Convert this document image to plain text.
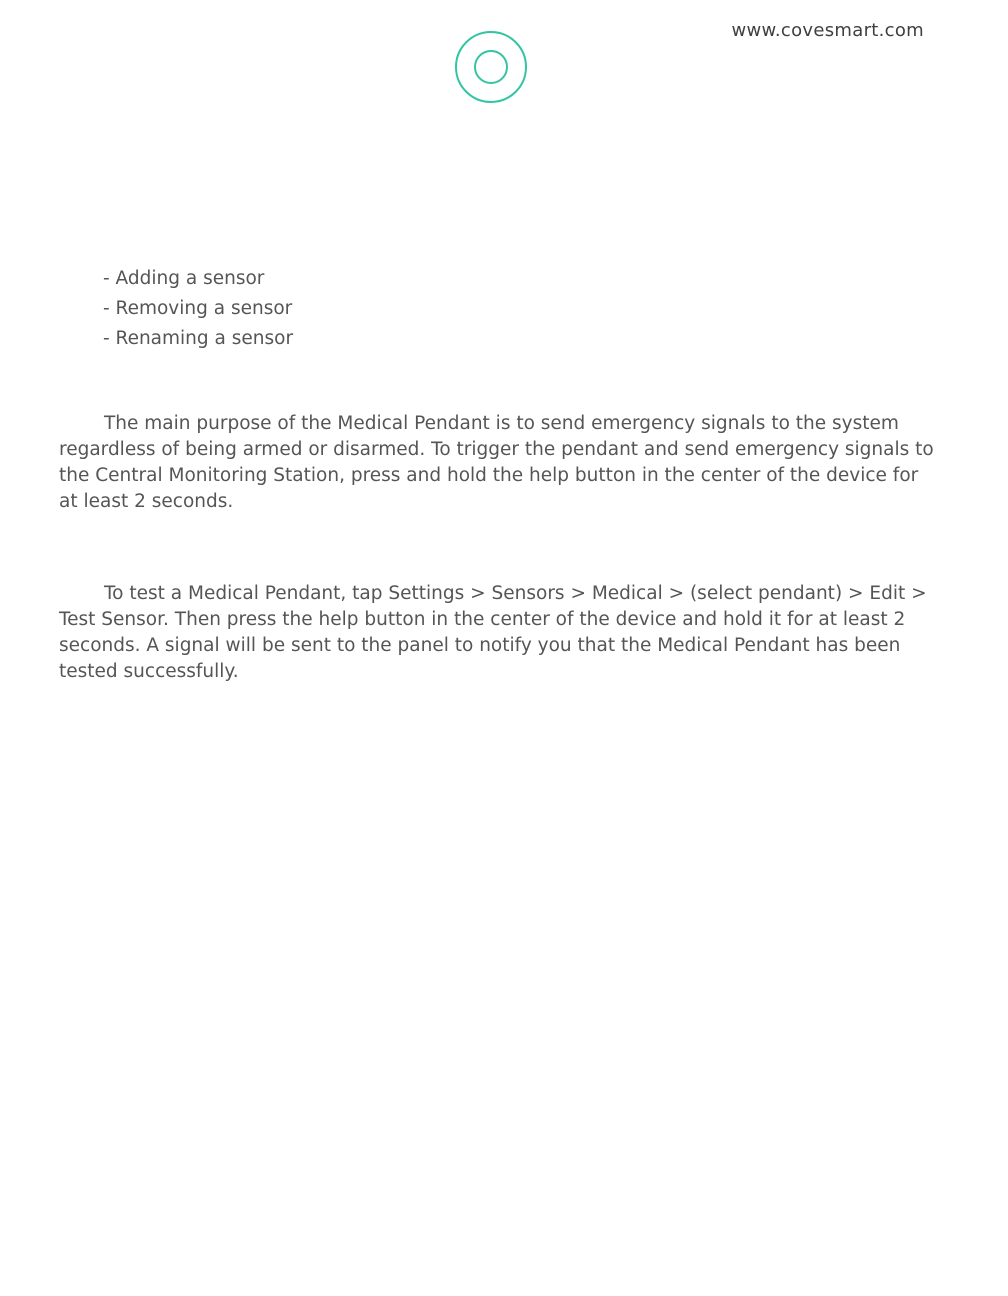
www.covesmart.com
- Adding a sensor
- Removing a sensor
- Renaming a sensor

The main purpose of the Medical Pendant is to send emergency signals to the system regardless of being armed or disarmed. To trigger the pendant and send emergency signals to the Central Monitoring Station, press and hold the help button in the center of the device for at least 2 seconds.

To test a Medical Pendant, tap Settings > Sensors > Medical > (select pendant) > Edit > Test Sensor. Then press the help button in the center of the device and hold it for at least 2 seconds. A signal will be sent to the panel to notify you that the Medical Pendant has been tested successfully.
